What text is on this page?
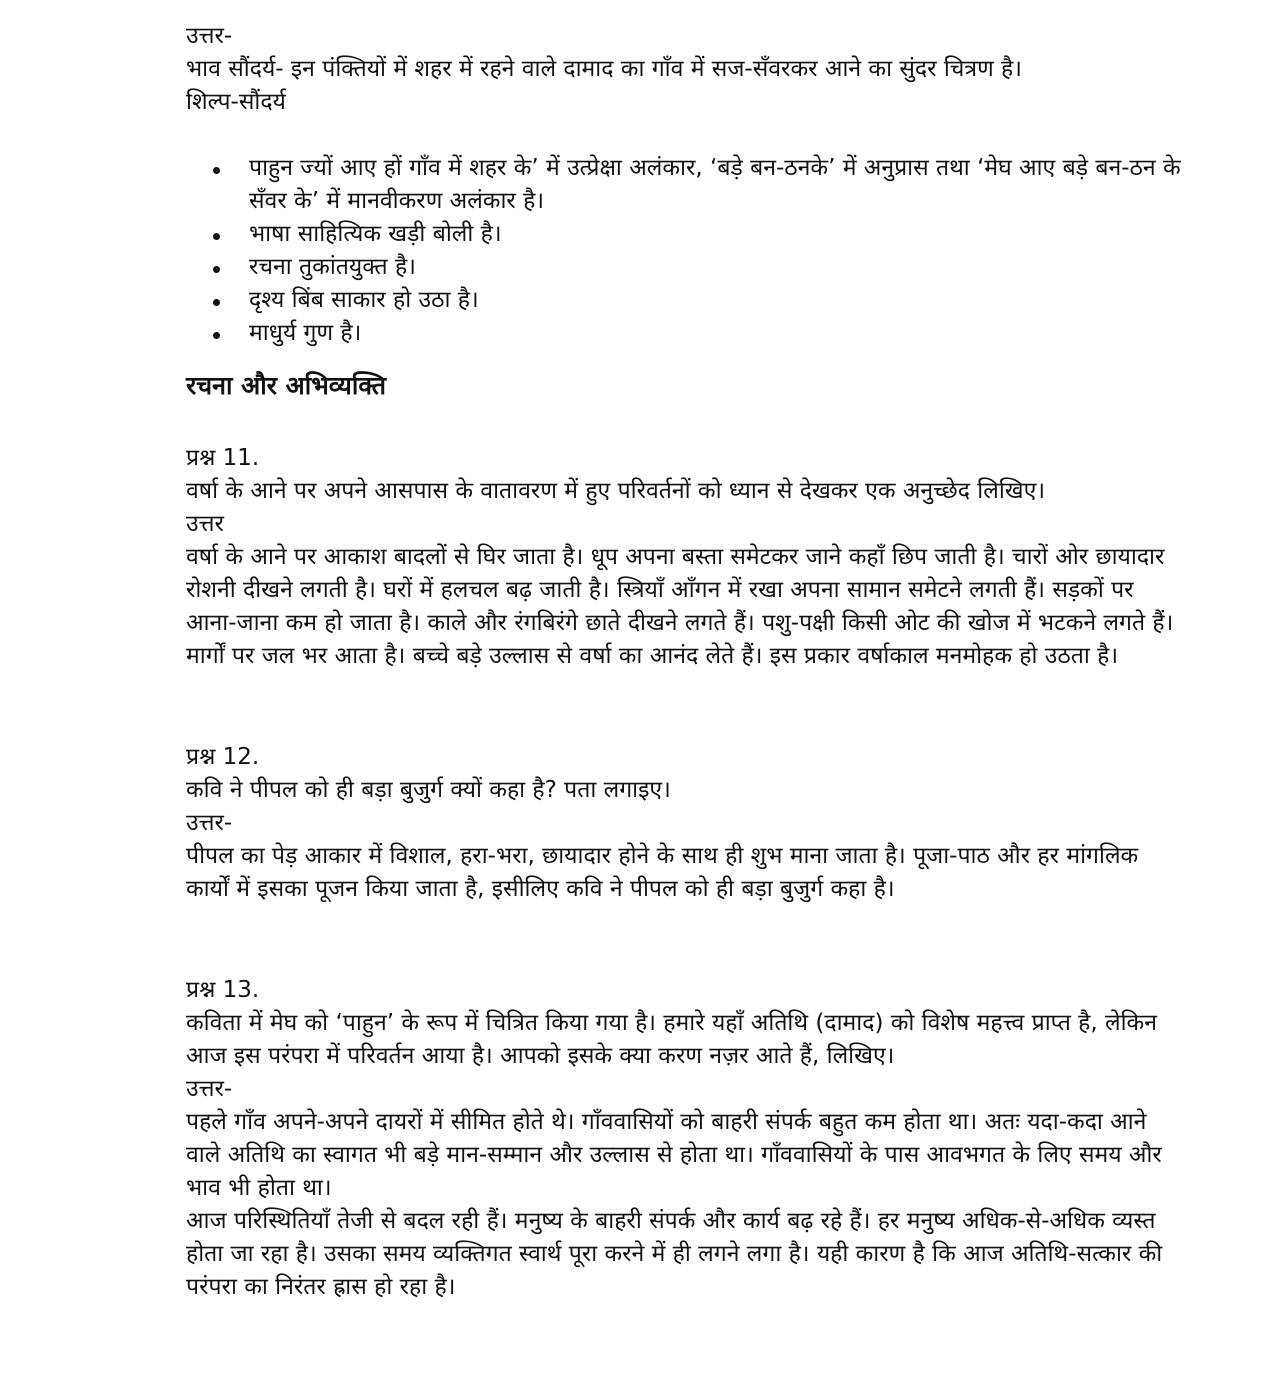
उत्तर-

भाव सौंदर्य- इन पंक्तियों में शहर में रहने वाले दामाद का गाँव में सज-सँवरकर आने का सुंदर चित्रण है।

शिल्प-सौंदर्य

पाहुन ज्यों आए हों गाँव में शहर के’ में उत्प्रेक्षा अलंकार, ‘बड़े बन-ठनके’ में अनुप्रास तथा ‘मेघ आए बड़े बन-ठन के सँवर के’ में मानवीकरण अलंकार है।
भाषा साहित्यिक खड़ी बोली है।
रचना तुकांतयुक्त है।
दृश्य बिंब साकार हो उठा है।
माधुर्य गुण है।
रचना और अभिव्यक्ति

प्रश्न 11.

वर्षा के आने पर अपने आसपास के वातावरण में हुए परिवर्तनों को ध्यान से देखकर एक अनुच्छेद लिखिए।

उत्तर

वर्षा के आने पर आकाश बादलों से घिर जाता है। धूप अपना बस्ता समेटकर जाने कहाँ छिप जाती है। चारों ओर छायादार रोशनी दीखने लगती है। घरों में हलचल बढ़ जाती है। स्त्रियाँ आँगन में रखा अपना सामान समेटने लगती हैं। सड़कों पर आना-जाना कम हो जाता है। काले और रंगबिरंगे छाते दीखने लगते हैं। पशु-पक्षी किसी ओट की खोज में भटकने लगते हैं। मार्गों पर जल भर आता है। बच्चे बड़े उल्लास से वर्षा का आनंद लेते हैं। इस प्रकार वर्षाकाल मनमोहक हो उठता है।

प्रश्न 12.

कवि ने पीपल को ही बड़ा बुजुर्ग क्यों कहा है? पता लगाइए।

उत्तर-

पीपल का पेड़ आकार में विशाल, हरा-भरा, छायादार होने के साथ ही शुभ माना जाता है। पूजा-पाठ और हर मांगलिक कार्यों में इसका पूजन किया जाता है, इसीलिए कवि ने पीपल को ही बड़ा बुजुर्ग कहा है।

प्रश्न 13.

कविता में मेघ को ‘पाहुन’ के रूप में चित्रित किया गया है। हमारे यहाँ अतिथि (दामाद) को विशेष महत्त्व प्राप्त है, लेकिन आज इस परंपरा में परिवर्तन आया है। आपको इसके क्या करण नज़र आते हैं, लिखिए।

उत्तर-

पहले गाँव अपने-अपने दायरों में सीमित होते थे। गाँववासियों को बाहरी संपर्क बहुत कम होता था। अतः यदा-कदा आने वाले अतिथि का स्वागत भी बड़े मान-सम्मान और उल्लास से होता था। गाँववासियों के पास आवभगत के लिए समय और भाव भी होता था।

आज परिस्थितियाँ तेजी से बदल रही हैं। मनुष्य के बाहरी संपर्क और कार्य बढ़ रहे हैं। हर मनुष्य अधिक-से-अधिक व्यस्त होता जा रहा है। उसका समय व्यक्तिगत स्वार्थ पूरा करने में ही लगने लगा है। यही कारण है कि आज अतिथि-सत्कार की परंपरा का निरंतर ह्रास हो रहा है।
